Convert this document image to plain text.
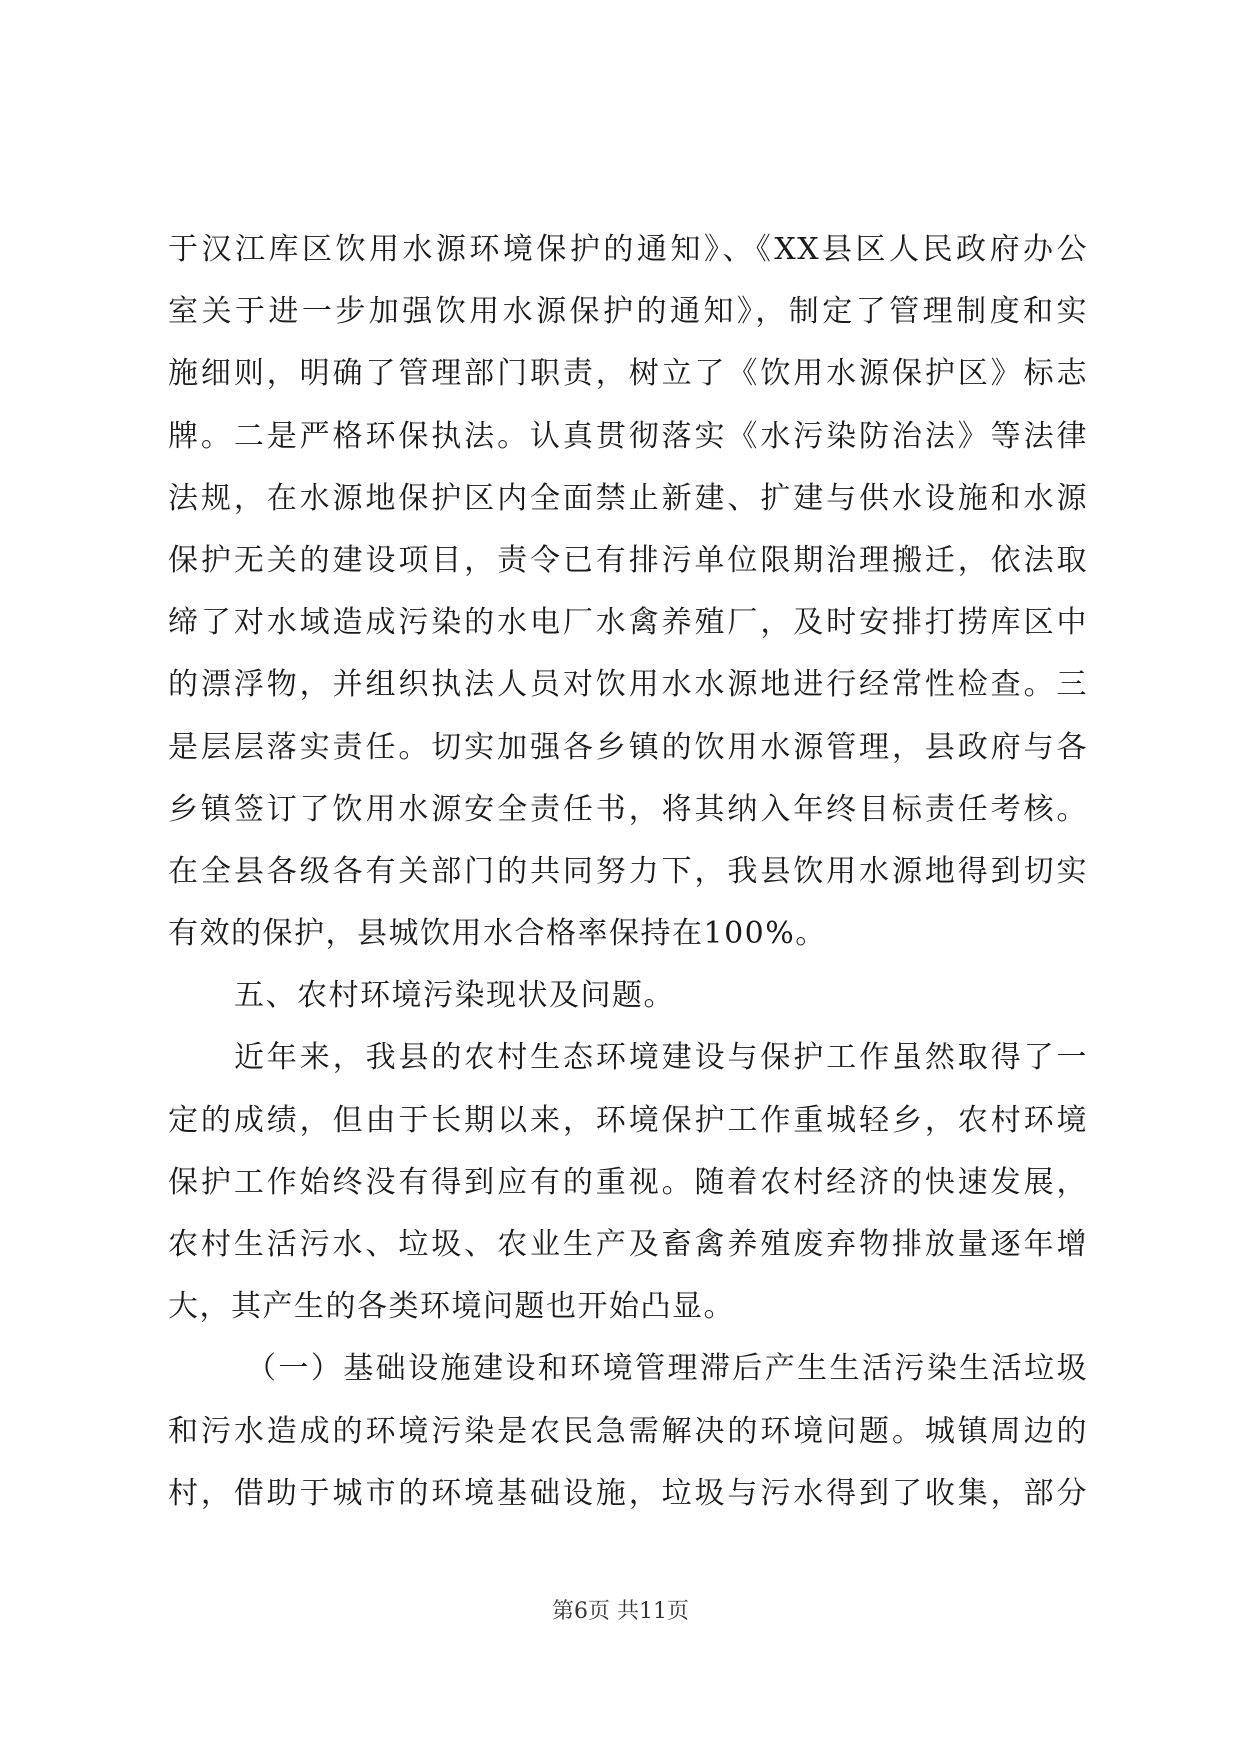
于汉江库区饮用水源环境保护的通知》、《XX县区人民政府办公
室关于进一步加强饮用水源保护的通知》，制定了管理制度和实
施细则，明确了管理部门职责，树立了《饮用水源保护区》标志
牌。二是严格环保执法。认真贯彻落实《水污染防治法》等法律
法规，在水源地保护区内全面禁止新建、扩建与供水设施和水源
保护无关的建设项目，责令已有排污单位限期治理搬迁，依法取
缔了对水域造成污染的水电厂水禽养殖厂，及时安排打捞库区中
的漂浮物，并组织执法人员对饮用水水源地进行经常性检查。三
是层层落实责任。切实加强各乡镇的饮用水源管理，县政府与各
乡镇签订了饮用水源安全责任书，将其纳入年终目标责任考核。
在全县各级各有关部门的共同努力下，我县饮用水源地得到切实
有效的保护，县城饮用水合格率保持在100%。
五、农村环境污染现状及问题。
近年来，我县的农村生态环境建设与保护工作虽然取得了一
定的成绩，但由于长期以来，环境保护工作重城轻乡，农村环境
保护工作始终没有得到应有的重视。随着农村经济的快速发展，
农村生活污水、垃圾、农业生产及畜禽养殖废弃物排放量逐年增
大，其产生的各类环境问题也开始凸显。
（一）基础设施建设和环境管理滞后产生生活污染生活垃圾
和污水造成的环境污染是农民急需解决的环境问题。城镇周边的
村，借助于城市的环境基础设施，垃圾与污水得到了收集，部分
第6页 共11页
